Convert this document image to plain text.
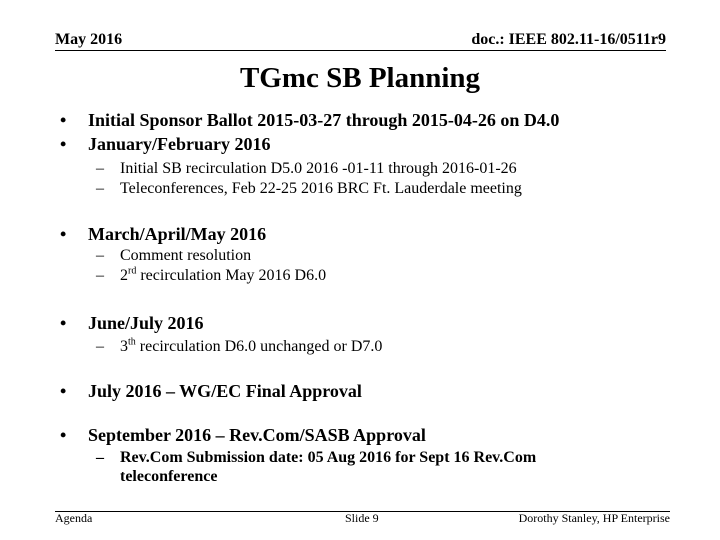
May 2016	doc.: IEEE 802.11-16/0511r9
TGmc SB Planning
• Initial Sponsor Ballot 2015-03-27 through 2015-04-26 on D4.0
• January/February 2016
– Initial SB recirculation D5.0 2016 -01-11 through 2016-01-26
– Teleconferences, Feb 22-25 2016 BRC Ft. Lauderdale meeting
• March/April/May 2016
– Comment resolution
– 2rd recirculation May 2016 D6.0
• June/July 2016
– 3th recirculation D6.0 unchanged or D7.0
• July 2016 – WG/EC Final Approval
• September 2016 – Rev.Com/SASB Approval
– Rev.Com Submission date: 05 Aug 2016 for Sept 16 Rev.Com
teleconference
Agenda	Slide 9	Dorothy Stanley, HP Enterprise
